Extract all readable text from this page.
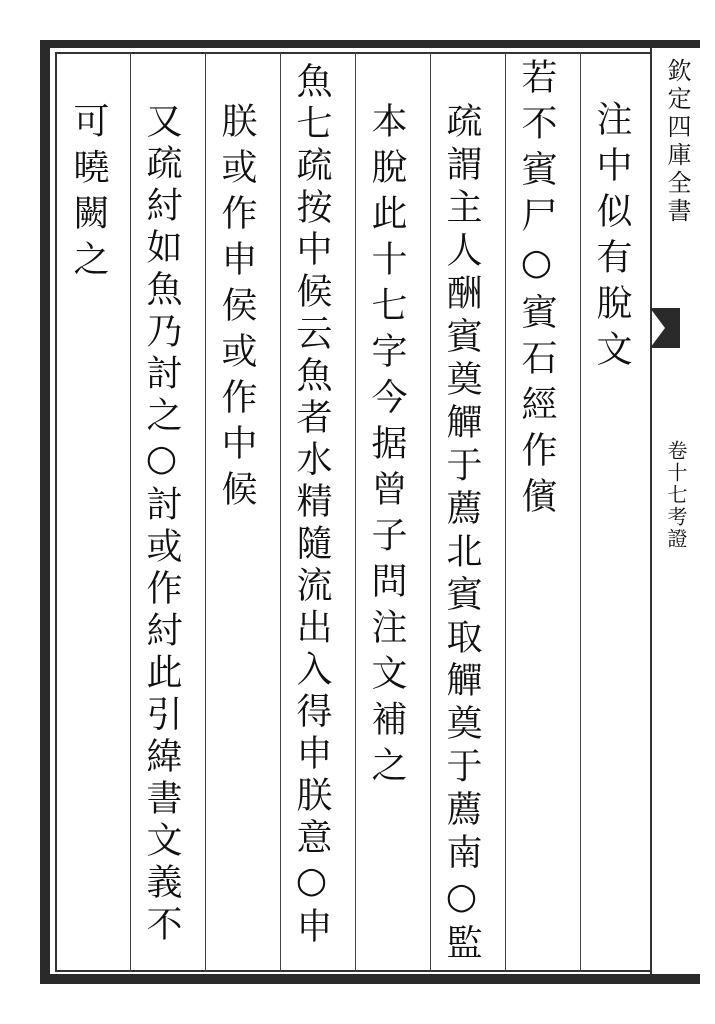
欽定四庫全書
卷十七考證
注中似有脫文
若不賓尸○賓石經作儐
疏謂主人酬賓奠觶于薦北賓取觶奠于薦南○監
本脫此十七字今据曾子問注文補之
魚七疏按中候云魚者水精隨流出入得申朕意○申
朕或作申侯或作中候
又疏紂如魚乃討之○討或作紂此引緯書文義不
可曉闕之
